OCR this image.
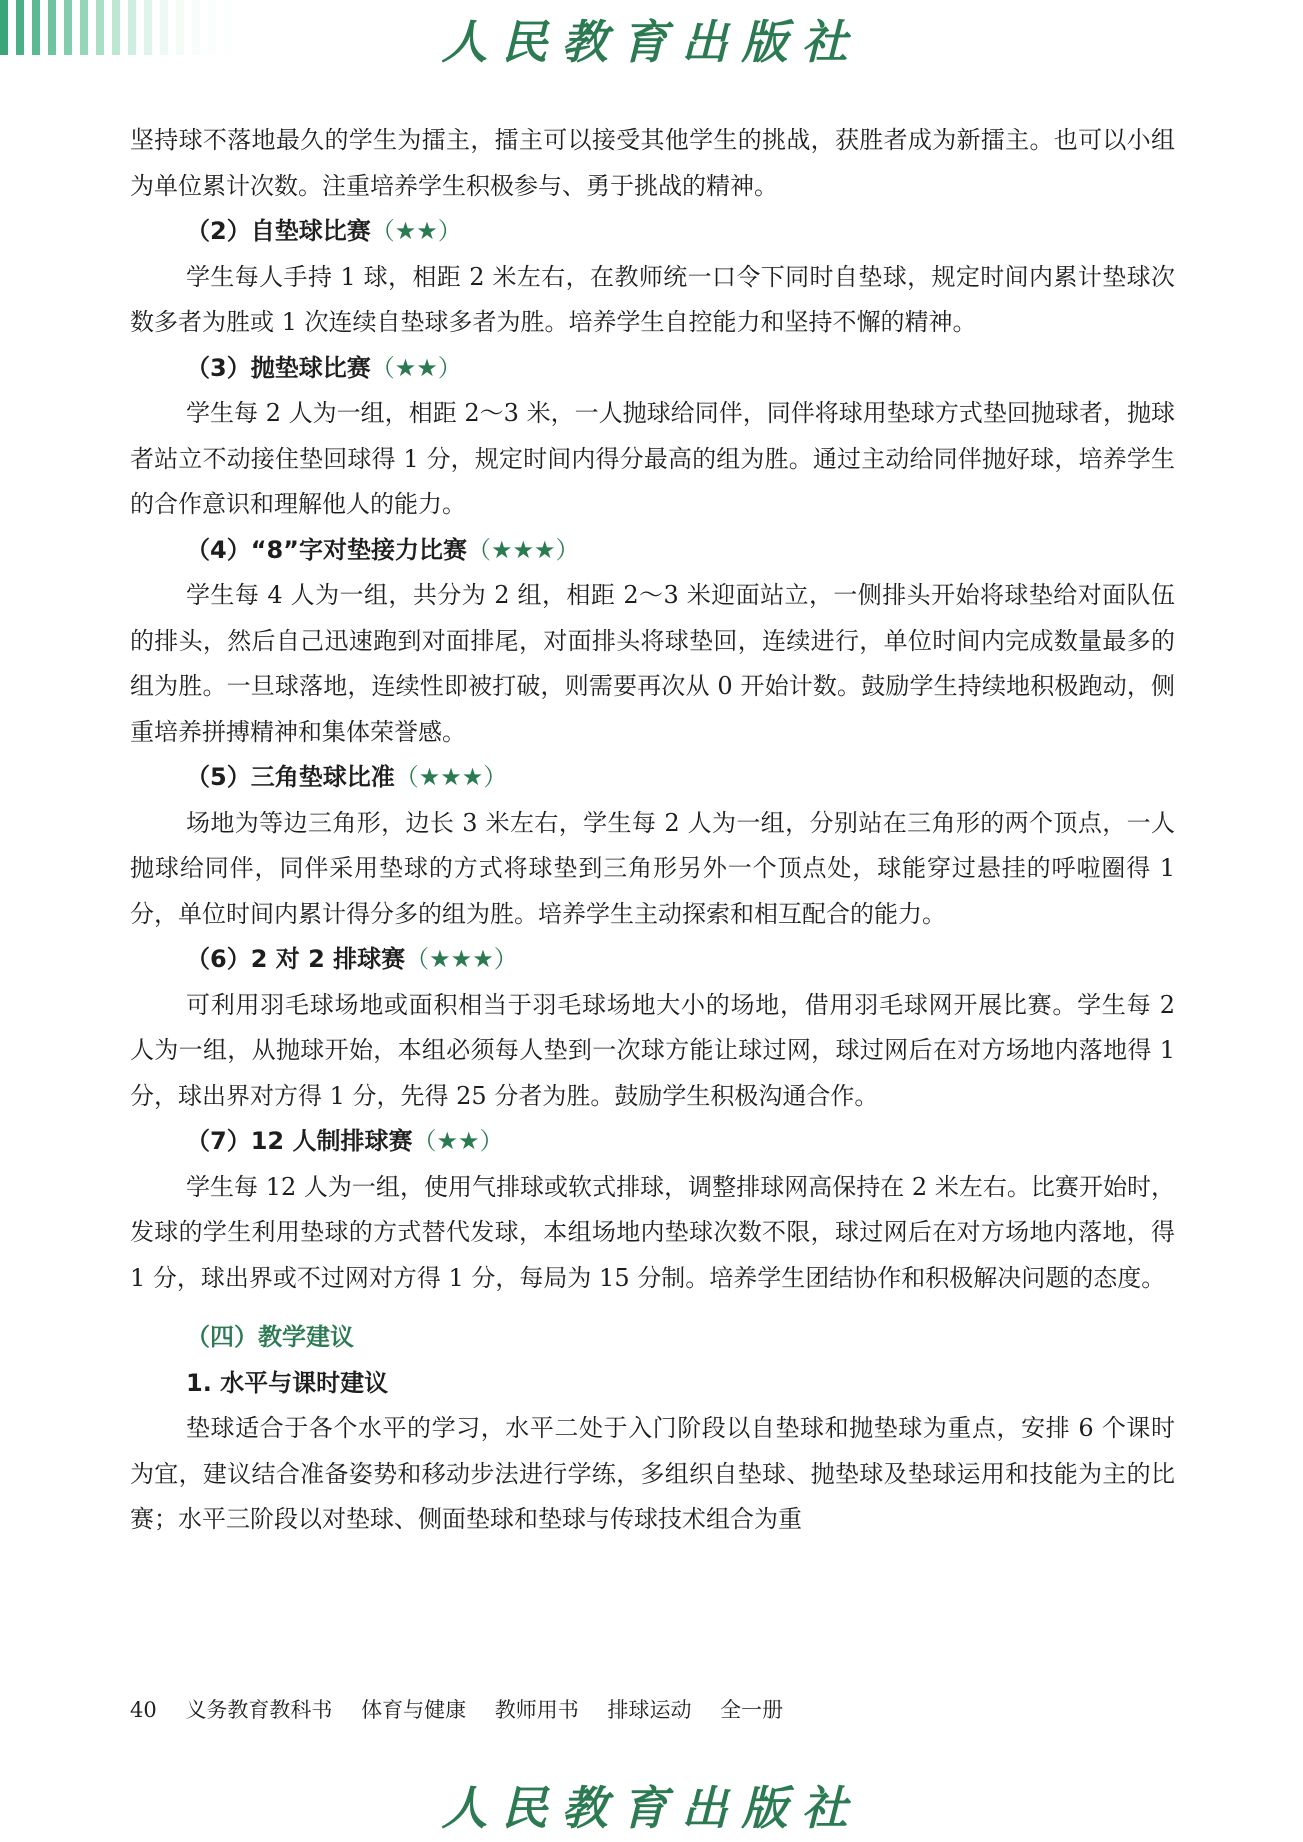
人民教育出版社

坚持球不落地最久的学生为擂主，擂主可以接受其他学生的挑战，获胜者成为新擂主。也可以小组为单位累计次数。注重培养学生积极参与、勇于挑战的精神。

（2）自垫球比赛（★★）

学生每人手持 1 球，相距 2 米左右，在教师统一口令下同时自垫球，规定时间内累计垫球次数多者为胜或 1 次连续自垫球多者为胜。培养学生自控能力和坚持不懈的精神。

（3）抛垫球比赛（★★）

学生每 2 人为一组，相距 2～3 米，一人抛球给同伴，同伴将球用垫球方式垫回抛球者，抛球者站立不动接住垫回球得 1 分，规定时间内得分最高的组为胜。通过主动给同伴抛好球，培养学生的合作意识和理解他人的能力。

（4）“8”字对垫接力比赛（★★★）

学生每 4 人为一组，共分为 2 组，相距 2～3 米迎面站立，一侧排头开始将球垫给对面队伍的排头，然后自己迅速跑到对面排尾，对面排头将球垫回，连续进行，单位时间内完成数量最多的组为胜。一旦球落地，连续性即被打破，则需要再次从 0 开始计数。鼓励学生持续地积极跑动，侧重培养拼搏精神和集体荣誉感。

（5）三角垫球比准（★★★）

场地为等边三角形，边长 3 米左右，学生每 2 人为一组，分别站在三角形的两个顶点，一人抛球给同伴，同伴采用垫球的方式将球垫到三角形另外一个顶点处，球能穿过悬挂的呼啦圈得 1 分，单位时间内累计得分多的组为胜。培养学生主动探索和相互配合的能力。

（6）2 对 2 排球赛（★★★）

可利用羽毛球场地或面积相当于羽毛球场地大小的场地，借用羽毛球网开展比赛。学生每 2 人为一组，从抛球开始，本组必须每人垫到一次球方能让球过网，球过网后在对方场地内落地得 1 分，球出界对方得 1 分，先得 25 分者为胜。鼓励学生积极沟通合作。

（7）12 人制排球赛（★★）

学生每 12 人为一组，使用气排球或软式排球，调整排球网高保持在 2 米左右。比赛开始时，发球的学生利用垫球的方式替代发球，本组场地内垫球次数不限，球过网后在对方场地内落地，得 1 分，球出界或不过网对方得 1 分，每局为 15 分制。培养学生团结协作和积极解决问题的态度。

（四）教学建议
1. 水平与课时建议

垫球适合于各个水平的学习，水平二处于入门阶段以自垫球和抛垫球为重点，安排 6 个课时为宜，建议结合准备姿势和移动步法进行学练，多组织自垫球、抛垫球及垫球运用和技能为主的比赛；水平三阶段以对垫球、侧面垫球和垫球与传球技术组合为重

40 义务教育教科书 体育与健康 教师用书 排球运动 全一册
人民教育出版社
